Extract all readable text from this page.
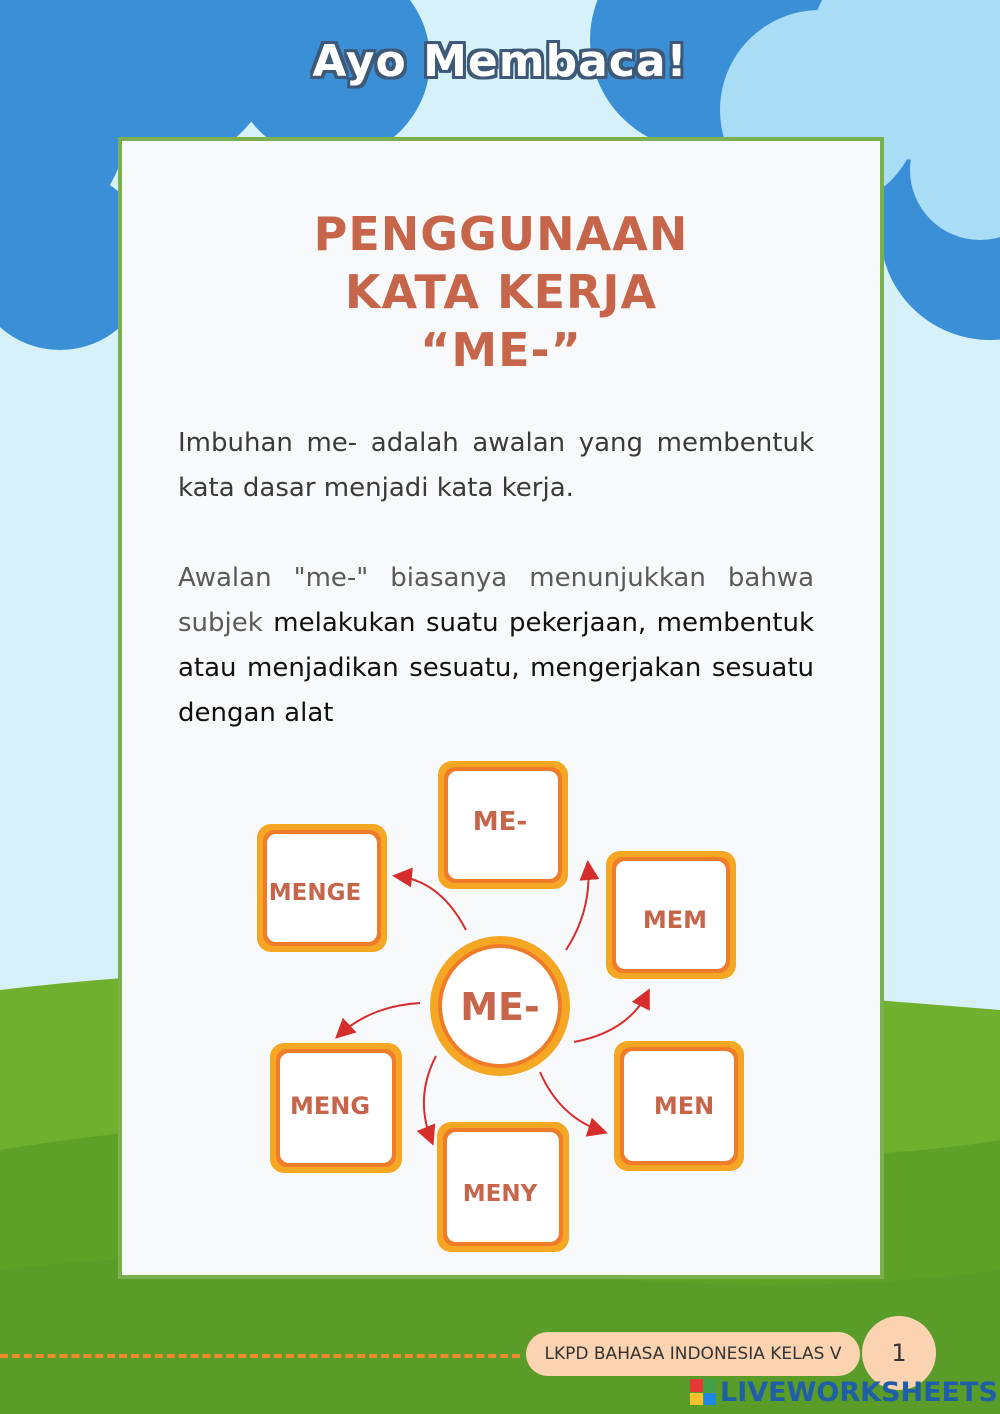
Ayo Membaca!
PENGGUNAAN
KATA KERJA
“ME-”
Imbuhan me- adalah awalan yang membentuk kata dasar menjadi kata kerja.
Awalan "me-" biasanya menunjukkan bahwa subjek melakukan suatu pekerjaan, membentuk atau menjadikan sesuatu, mengerjakan sesuatu dengan alat
ME-
ME-
MENGE
MEM
MENG	MEN
MENY
LKPD BAHASA INDONESIA KELAS V	1
LIVEWORKSHEETS
